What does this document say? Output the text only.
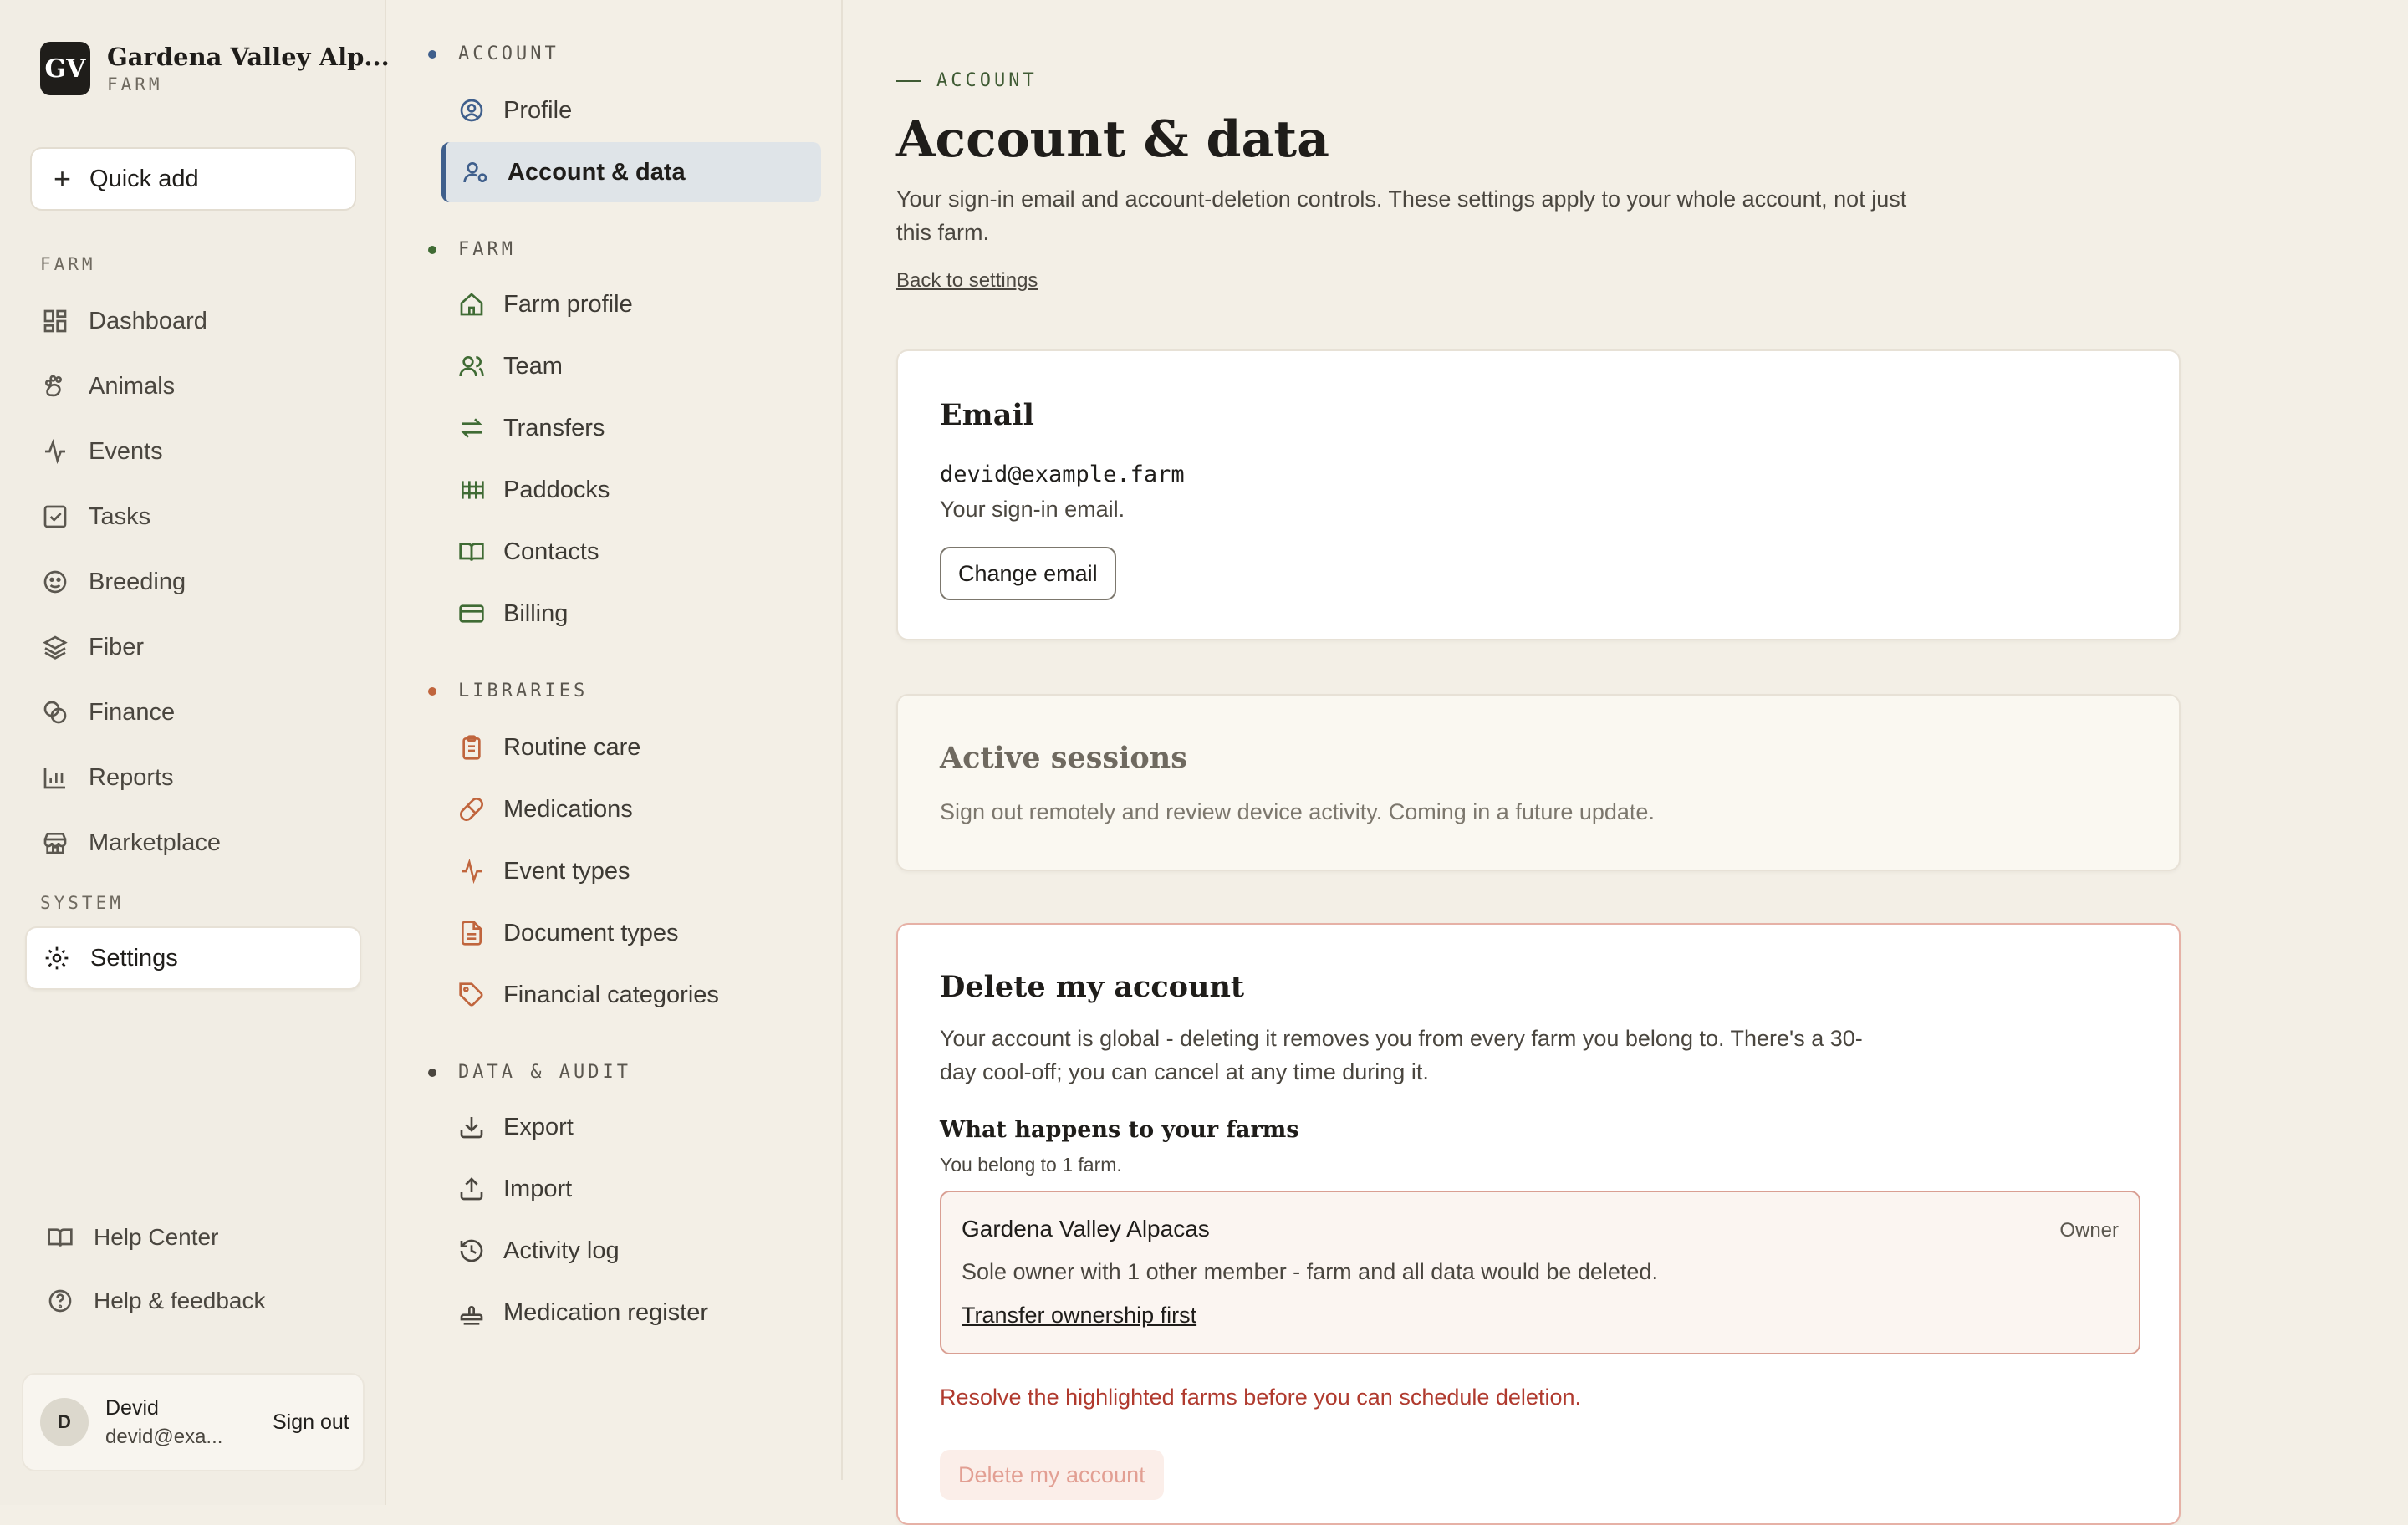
GV Gardena Valley Alp...
FARM
+ Quick add
FARM
Dashboard
Animals
Events
Tasks
Breeding
Fiber
Finance
Reports
Marketplace
SYSTEM
Settings
Help Center
Help & feedback
D
Devid
devid@exa...
Sign out
ACCOUNT
Profile
Account & data
FARM
Farm profile
Team
Transfers
Paddocks
Contacts
Billing
LIBRARIES
Routine care
Medications
Event types
Document types
Financial categories
DATA & AUDIT
Export
Import
Activity log
Medication register
ACCOUNT
Account & data

Your sign-in email and account-deletion controls. These settings apply to your whole account, not just this farm.

Back to settings
Email
devid@example.farm
Your sign-in email.
Change email
Active sessions
Sign out remotely and review device activity. Coming in a future update.
Delete my account
Your account is global - deleting it removes you from every farm you belong to. There's a 30-day cool-off; you can cancel at any time during it.
What happens to your farms
You belong to 1 farm.
Gardena Valley Alpacas	Owner
Sole owner with 1 other member - farm and all data would be deleted.
Transfer ownership first
Resolve the highlighted farms before you can schedule deletion.
Delete my account
